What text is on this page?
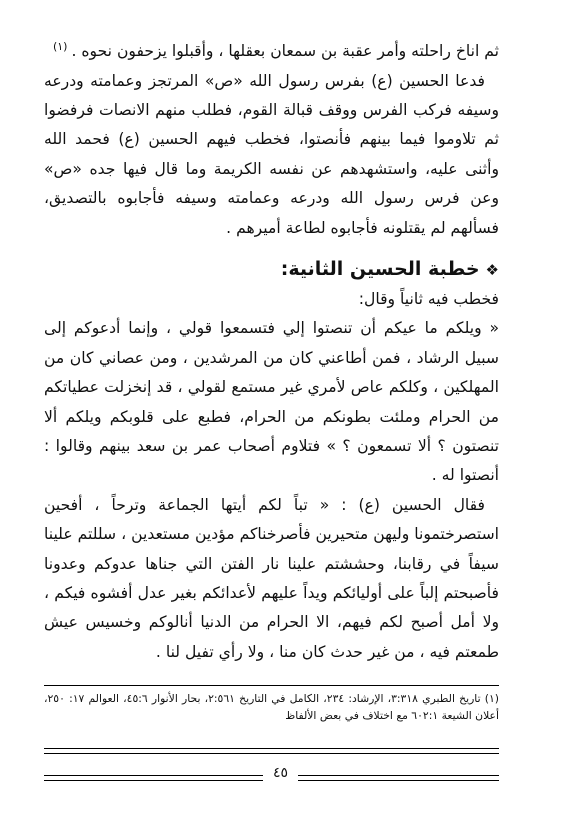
ثم اناخ راحلته وأمر عقبة بن سمعان بعقلها ، وأقبلوا يزحفون نحوه .$^{(١)}$

فدعا الحسين (ع) بفرس رسول الله «ص» المرتجز وعمامته ودرعه وسيفه فركب الفرس ووقف قبالة القوم، فطلب منهم الانصات فرفضوا ثم تلاوموا فيما بينهم فأنصتوا، فخطب فيهم الحسين (ع) فحمد الله وأثنى عليه، واستشهدهم عن نفسه الكريمة وما قال فيها جده «ص» وعن فرس رسول الله ودرعه وعمامته وسيفه فأجابوه بالتصديق، فسألهم لم يقتلونه فأجابوه لطاعة أميرهم .

❖خطبة الحسين الثانية:

فخطب فيه ثانياً وقال:

« ويلكم ما عيكم أن تنصتوا إلي فتسمعوا قولي ، وإنما أدعوكم إلى سبيل الرشاد ، فمن أطاعني كان من المرشدين ، ومن عصاني كان من المهلكين ، وكلكم عاص لأمري غير مستمع لقولي ، قد إنخزلت عطياتكم من الحرام وملئت بطونكم من الحرام، فطبع على قلوبكم ويلكم ألا تنصتون ؟ ألا تسمعون ؟ » فتلاوم أصحاب عمر بن سعد بينهم وقالوا : أنصتوا له .

فقال الحسين (ع) : « تباً لكم أيتها الجماعة وترحاً ، أفحين استصرختمونا وليهن متحيرين فأصرخناكم مؤدين مستعدين ، سللتم علينا سيفاً في رقابنا، وحششتم علينا نار الفتن التي جناها عدوكم وعدونا فأصبحتم إلباً على أوليائكم ويداً عليهم لأعدائكم بغير عدل أفشوه فيكم ، ولا أمل أصبح لكم فيهم، الا الحرام من الدنيا أنالوكم وخسيس عيش طمعتم فيه ، من غير حدث كان منا ، ولا رأي تفيل لنا .

(١) تاريخ الطبري ٣:٣١٨، الإرشاد: ٢٣٤، الكامل في التاريخ ٢:٥٦١، بحار الأنوار ٤٥:٦، العوالم ١٧: ٢٥٠، أعلان الشيعة ٦٠٢:١ مع اختلاف في بعض الألفاظ
٤٥
